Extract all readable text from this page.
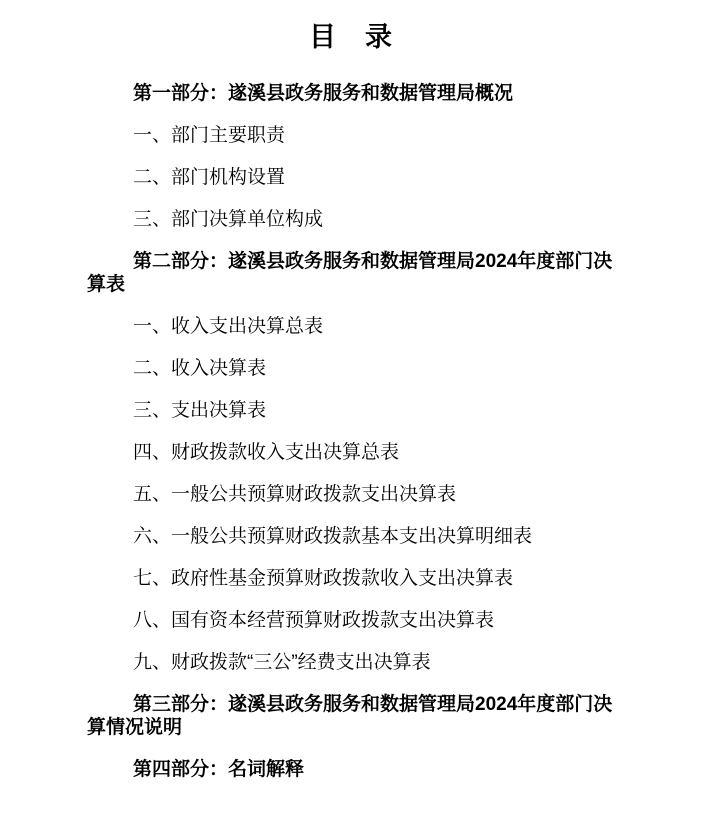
目　录

第一部分：遂溪县政务服务和数据管理局概况

一、部门主要职责

二、部门机构设置

三、部门决算单位构成

第二部分：遂溪县政务服务和数据管理局2024年度部门决算表

一、收入支出决算总表

二、收入决算表

三、支出决算表

四、财政拨款收入支出决算总表

五、一般公共预算财政拨款支出决算表

六、一般公共预算财政拨款基本支出决算明细表

七、政府性基金预算财政拨款收入支出决算表

八、国有资本经营预算财政拨款支出决算表

九、财政拨款“三公”经费支出决算表

第三部分：遂溪县政务服务和数据管理局2024年度部门决算情况说明

第四部分：名词解释
